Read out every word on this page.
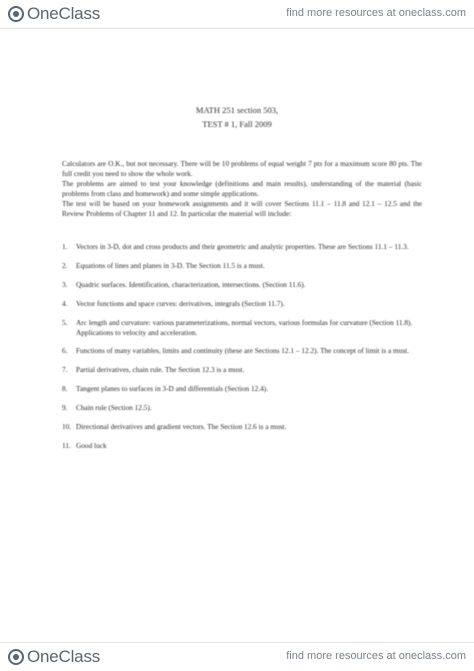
OneClass	find more resources at oneclass.com
MATH 251 section 503,
TEST # 1, Fall 2009
Calculators are O.K., but not necessary. There will be 10 problems of equal weight 7 pts for a maximum score 80 pts. The full credit you need to show the whole work.
The problems are aimed to test your knowledge (definitions and main results), understanding of the material (basic problems from class and homework) and some simple applications.
The test will be based on your homework assignments and it will cover Sections 11.1 – 11.8 and 12.1 – 12.5 and the Review Problems of Chapter 11 and 12. In particular the material will include:
1. Vectors in 3-D, dot and cross products and their geometric and analytic properties. These are Sections 11.1 – 11.3.
2. Equations of lines and planes in 3-D. The Section 11.5 is a must.
3. Quadric surfaces. Identification, characterization, intersections. (Section 11.6).
4. Vector functions and space curves: derivatives, integrals (Section 11.7).
5. Arc length and curvature: various parameterizations, normal vectors, various formulas for curvature (Section 11.8). Applications to velocity and acceleration.
6. Functions of many variables, limits and continuity (these are Sections 12.1 – 12.2). The concept of limit is a must.
7. Partial derivatives, chain rule. The Section 12.3 is a must.
8. Tangent planes to surfaces in 3-D and differentials (Section 12.4).
9. Chain rule (Section 12.5).
10. Directional derivatives and gradient vectors. The Section 12.6 is a must.
11. Good luck
OneClass	find more resources at oneclass.com
